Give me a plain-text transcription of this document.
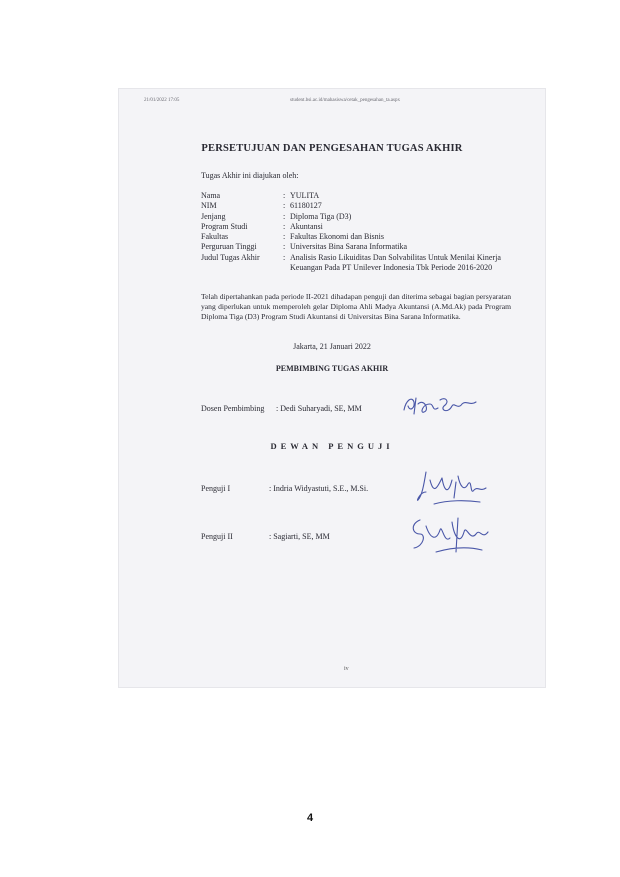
21/01/2022 17:05	student.bsi.ac.id/mahasiswa/cetak_pengesahan_ta.aspx
PERSETUJUAN DAN PENGESAHAN TUGAS AKHIR
Tugas Akhir ini diajukan oleh:
Nama	: YULITA
NIM	: 61180127
Jenjang	: Diploma Tiga (D3)
Program Studi	: Akuntansi
Fakultas	: Fakultas Ekonomi dan Bisnis
Perguruan Tinggi	: Universitas Bina Sarana Informatika
Judul Tugas Akhir	: Analisis Rasio Likuiditas Dan Solvabilitas Untuk Menilai Kinerja Keuangan Pada PT Unilever Indonesia Tbk Periode 2016-2020
Telah dipertahankan pada periode II-2021 dihadapan penguji dan diterima sebagai bagian persyaratan yang diperlukan untuk memperoleh gelar Diploma Ahli Madya Akuntansi (A.Md.Ak) pada Program Diploma Tiga (D3) Program Studi Akuntansi di Universitas Bina Sarana Informatika.
Jakarta, 21 Januari 2022
PEMBIMBING TUGAS AKHIR
Dosen Pembimbing : Dedi Suharyadi, SE, MM
DEWAN PENGUJI
Penguji I	: Indria Widyastuti, S.E., M.Si.
Penguji II	: Sagiarti, SE, MM
iv
4
